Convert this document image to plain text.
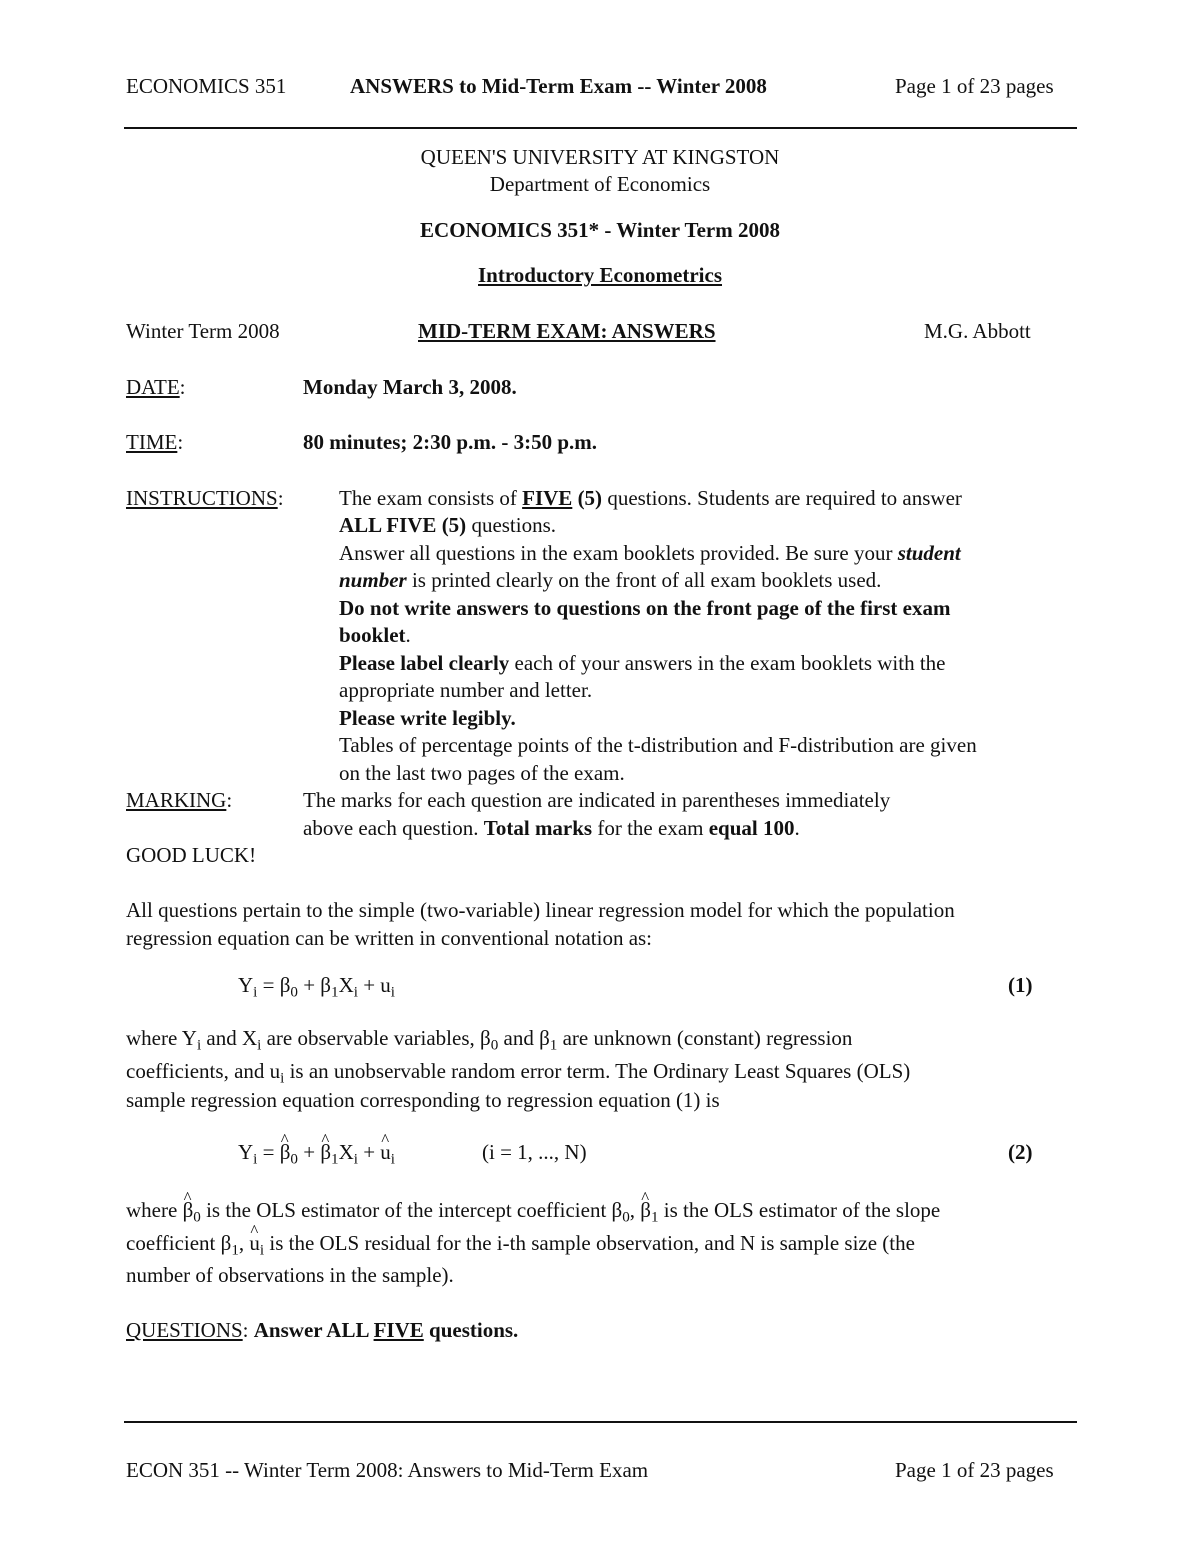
ECONOMICS 351	ANSWERS to Mid-Term Exam -- Winter 2008	Page 1 of 23 pages
QUEEN'S UNIVERSITY AT KINGSTON
Department of Economics
ECONOMICS 351* - Winter Term 2008
Introductory Econometrics
Winter Term 2008	MID-TERM EXAM: ANSWERS	M.G. Abbott
DATE:	Monday March 3, 2008.
TIME:	80 minutes; 2:30 p.m. - 3:50 p.m.
INSTRUCTIONS:	The exam consists of FIVE (5) questions. Students are required to answer
ALL FIVE (5) questions.
Answer all questions in the exam booklets provided. Be sure your student
number is printed clearly on the front of all exam booklets used.
Do not write answers to questions on the front page of the first exam
booklet.
Please label clearly each of your answers in the exam booklets with the
appropriate number and letter.
Please write legibly.
Tables of percentage points of the t-distribution and F-distribution are given
on the last two pages of the exam.
MARKING:	The marks for each question are indicated in parentheses immediately
above each question. Total marks for the exam equal 100.
GOOD LUCK!
All questions pertain to the simple (two-variable) linear regression model for which the population
regression equation can be written in conventional notation as:
$Y_i = \beta_0 + \beta_1X_i + u_i$	(1)
where $Y_i$ and $X_i$ are observable variables, $\beta_0$ and $\beta_1$ are unknown (constant) regression
coefficients, and $u_i$ is an unobservable random error term. The Ordinary Least Squares (OLS)
sample regression equation corresponding to regression equation (1) is
$Y_i$ = ^ $\beta_0$ + ^ $\beta_1X_i$ + ^ $u_i$	(i = 1, ..., N)	(2)
where ^ $\beta_0$ is the OLS estimator of the intercept coefficient $\beta_0$, ^ $\beta_1$ is the OLS estimator of the slope
coefficient $\beta_1$, ^ $u_i$ is the OLS residual for the i-th sample observation, and N is sample size (the
number of observations in the sample).
QUESTIONS: Answer ALL FIVE questions.
ECON 351 -- Winter Term 2008: Answers to Mid-Term Exam	Page 1 of 23 pages
